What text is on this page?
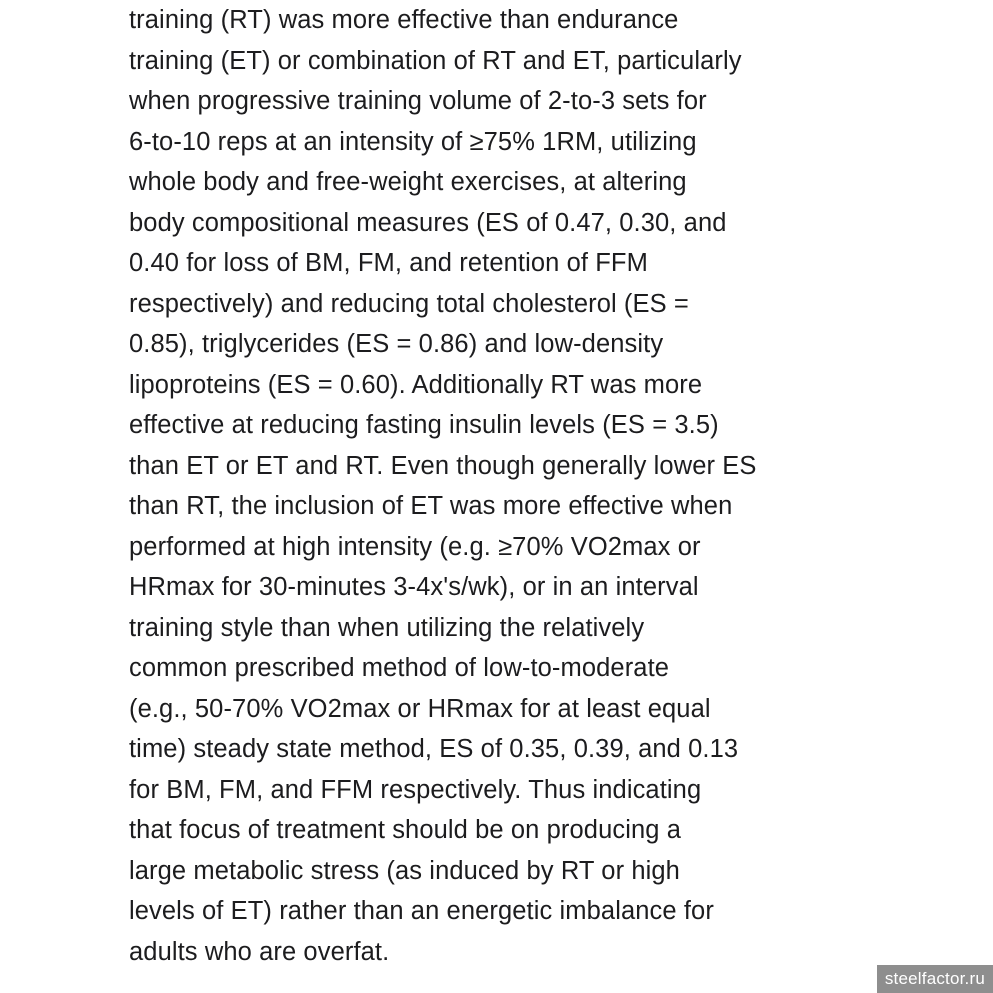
training (RT) was more effective than endurance
training (ET) or combination of RT and ET, particularly
when progressive training volume of 2-to-3 sets for
6-to-10 reps at an intensity of ≥75% 1RM, utilizing
whole body and free-weight exercises, at altering
body compositional measures (ES of 0.47, 0.30, and
0.40 for loss of BM, FM, and retention of FFM
respectively) and reducing total cholesterol (ES =
0.85), triglycerides (ES = 0.86) and low-density
lipoproteins (ES = 0.60). Additionally RT was more
effective at reducing fasting insulin levels (ES = 3.5)
than ET or ET and RT. Even though generally lower ES
than RT, the inclusion of ET was more effective when
performed at high intensity (e.g. ≥70% VO2max or
HRmax for 30-minutes 3-4x's/wk), or in an interval
training style than when utilizing the relatively
common prescribed method of low-to-moderate
(e.g., 50-70% VO2max or HRmax for at least equal
time) steady state method, ES of 0.35, 0.39, and 0.13
for BM, FM, and FFM respectively. Thus indicating
that focus of treatment should be on producing a
large metabolic stress (as induced by RT or high
levels of ET) rather than an energetic imbalance for
adults who are overfat.
steelfactor.ru
